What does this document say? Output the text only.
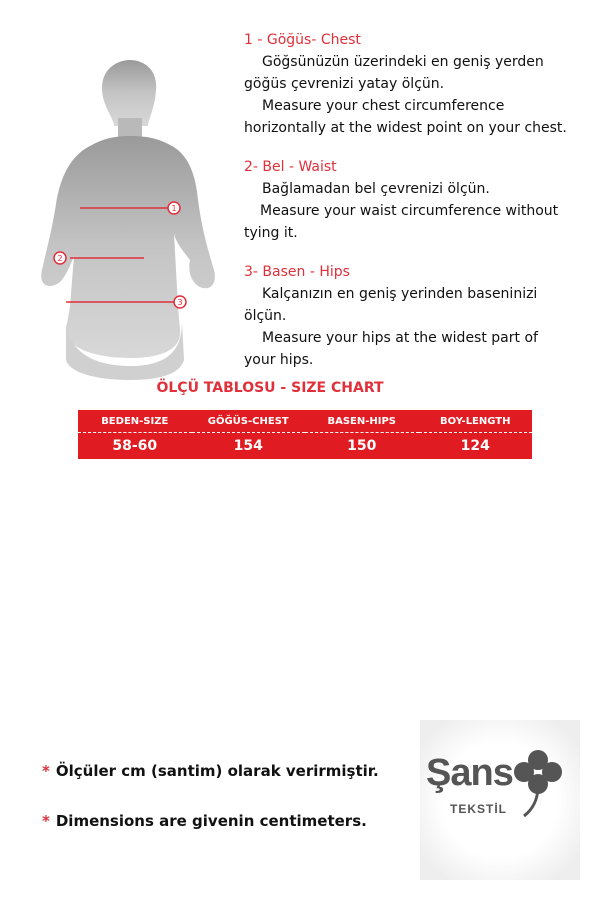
1
2
3

1 - Göğüs- Chest

Göğsünüzün üzerindeki en geniş yerden

göğüs çevrenizi yatay ölçün.

Measure your chest circumference

horizontally at the widest point on your chest.

2- Bel - Waist

Bağlamadan bel çevrenizi ölçün.

Measure your waist circumference without

tying it.

3- Basen - Hips

Kalçanızın en geniş yerinden baseninizi

ölçün.

Measure your hips at the widest part of

your hips.

ÖLÇÜ TABLOSU - SIZE CHART
BEDEN-SIZE	GÖĞÜS-CHEST	BASEN-HIPS	BOY-LENGTH
58-60	154	150	124
* Ölçüler cm (santim) olarak verirmiştir.
* Dimensions are givenin centimeters.
Şans
TEKSTİL
